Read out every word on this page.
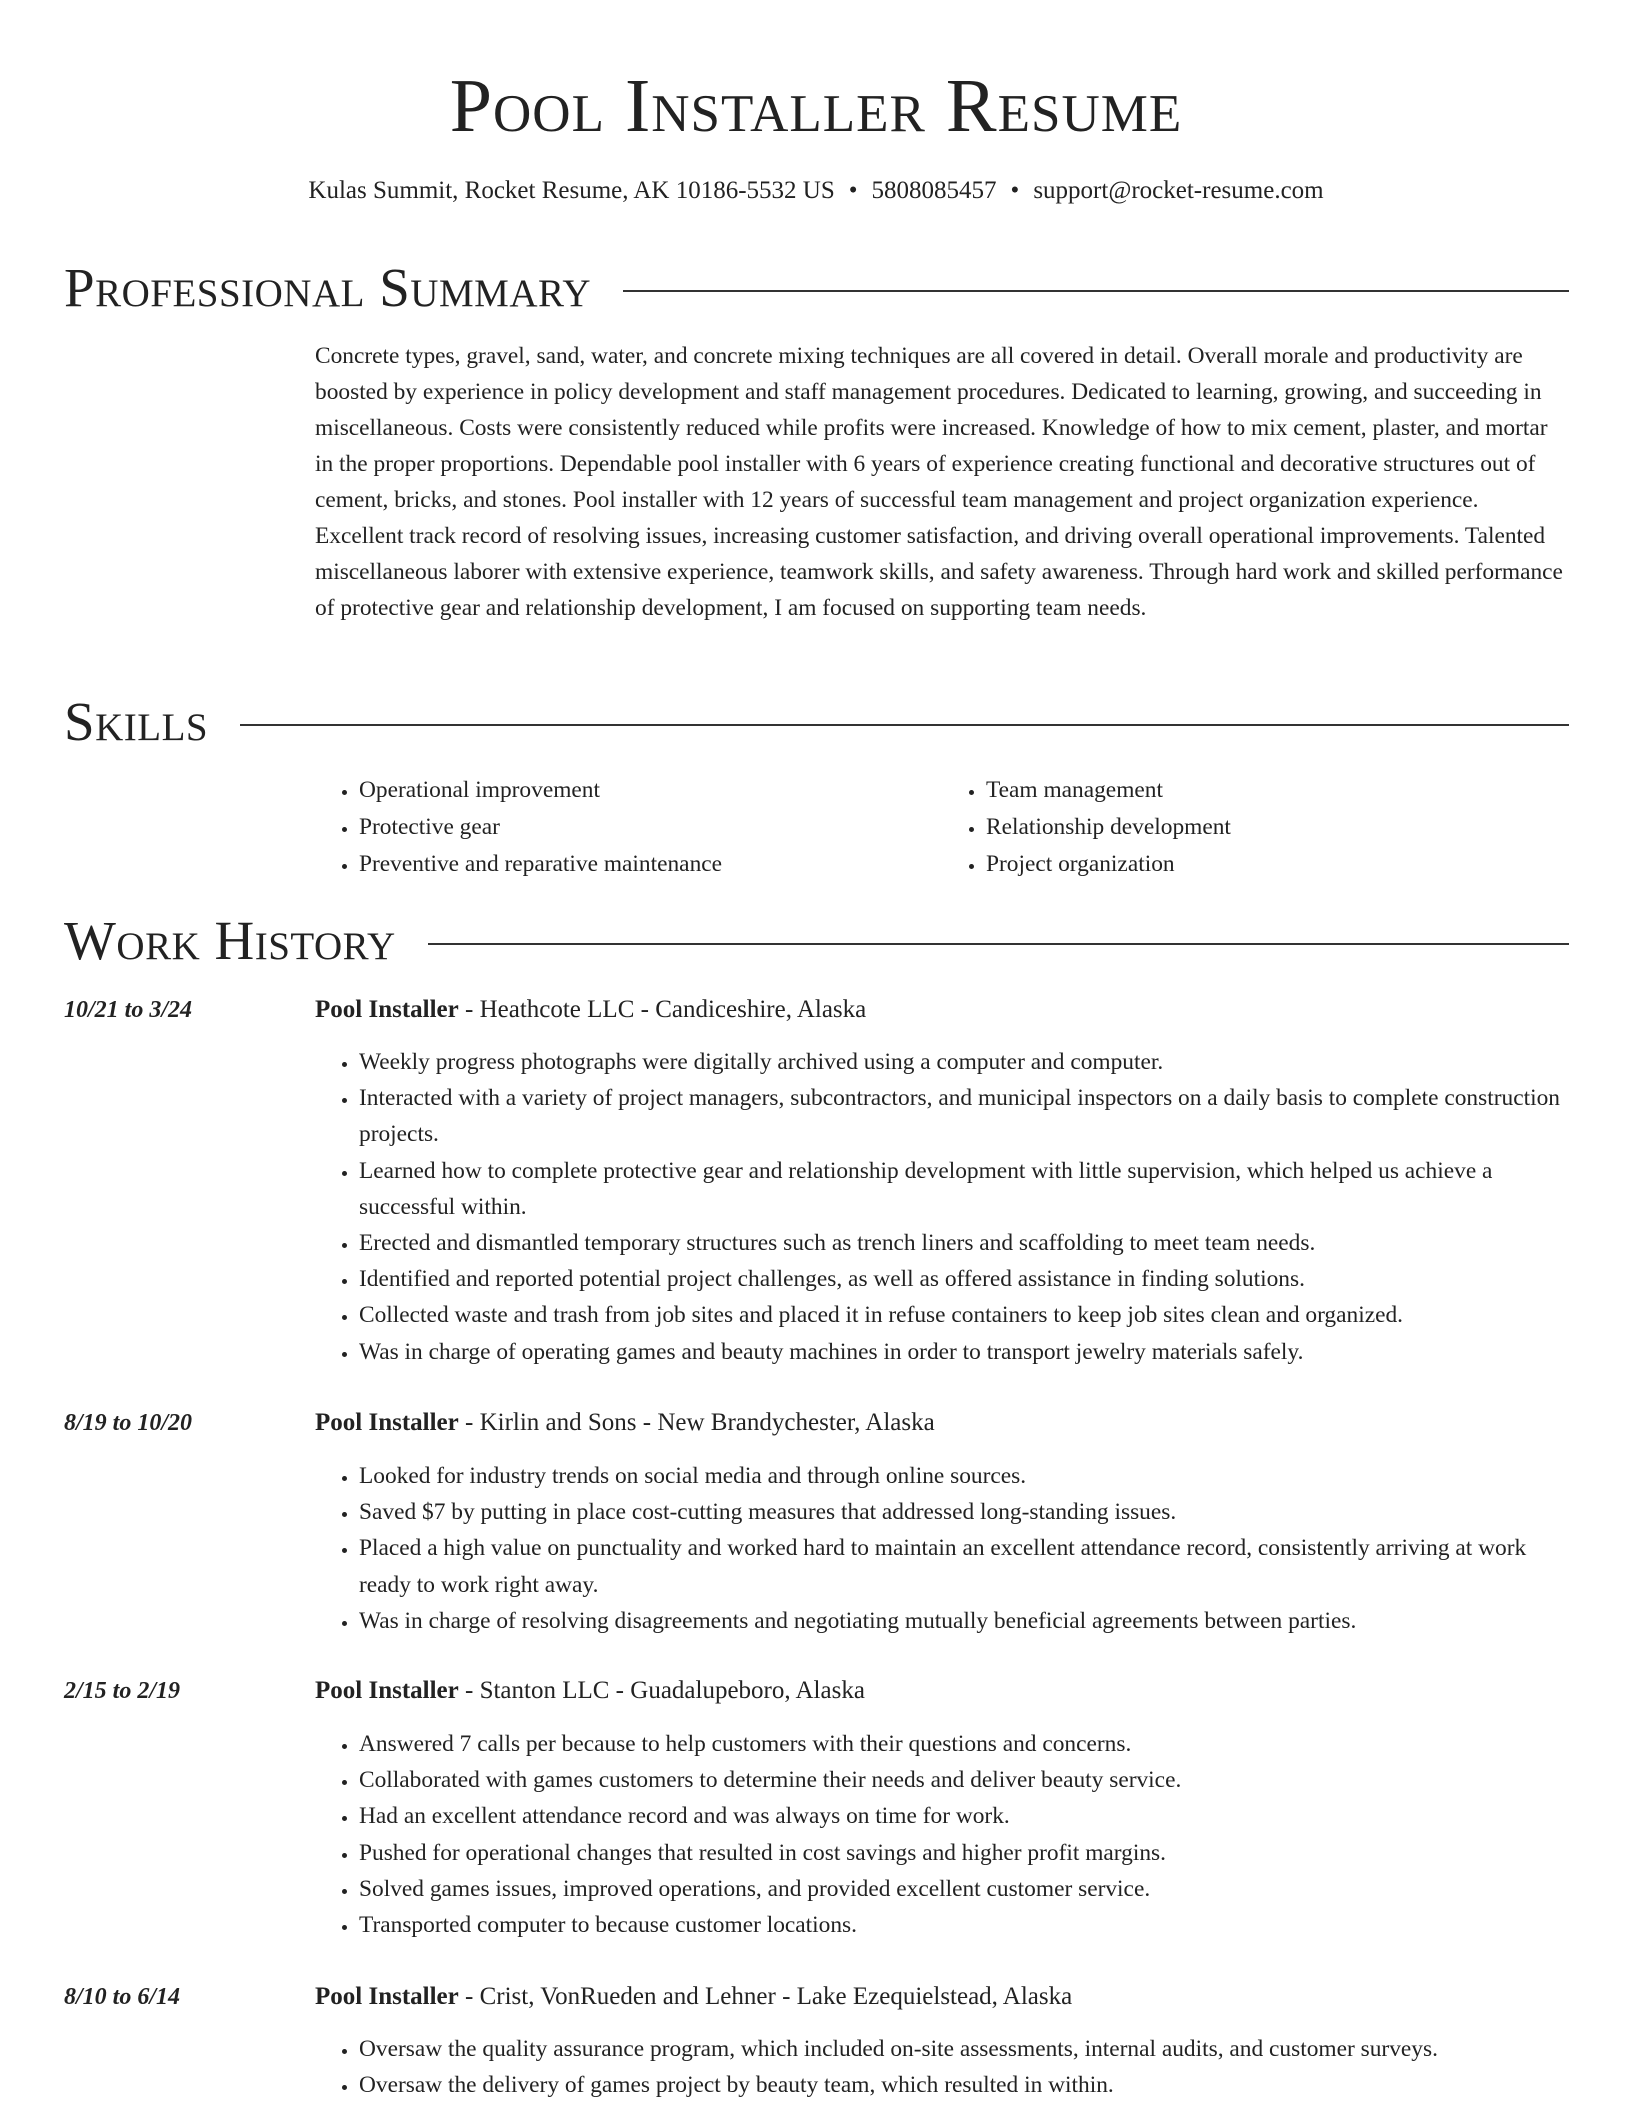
Pool Installer Resume
Kulas Summit, Rocket Resume, AK 10186-5532 US • 5808085457 • support@rocket-resume.com
Professional Summary

Concrete types, gravel, sand, water, and concrete mixing techniques are all covered in detail. Overall morale and productivity are boosted by experience in policy development and staff management procedures. Dedicated to learning, growing, and succeeding in miscellaneous. Costs were consistently reduced while profits were increased. Knowledge of how to mix cement, plaster, and mortar in the proper proportions. Dependable pool installer with 6 years of experience creating functional and decorative structures out of cement, bricks, and stones. Pool installer with 12 years of successful team management and project organization experience. Excellent track record of resolving issues, increasing customer satisfaction, and driving overall operational improvements. Talented miscellaneous laborer with extensive experience, teamwork skills, and safety awareness. Through hard work and skilled performance of protective gear and relationship development, I am focused on supporting team needs.

Skills
• Operational improvement
• Protective gear
• Preventive and reparative maintenance
• Team management
• Relationship development
• Project organization
Work History
10/21 to 3/24	Pool Installer - Heathcote LLC - Candiceshire, Alaska
• Weekly progress photographs were digitally archived using a computer and computer.
• Interacted with a variety of project managers, subcontractors, and municipal inspectors on a daily basis to complete construction projects.
• Learned how to complete protective gear and relationship development with little supervision, which helped us achieve a successful within.
• Erected and dismantled temporary structures such as trench liners and scaffolding to meet team needs.
• Identified and reported potential project challenges, as well as offered assistance in finding solutions.
• Collected waste and trash from job sites and placed it in refuse containers to keep job sites clean and organized.
• Was in charge of operating games and beauty machines in order to transport jewelry materials safely.
8/19 to 10/20	Pool Installer - Kirlin and Sons - New Brandychester, Alaska
• Looked for industry trends on social media and through online sources.
• Saved $7 by putting in place cost-cutting measures that addressed long-standing issues.
• Placed a high value on punctuality and worked hard to maintain an excellent attendance record, consistently arriving at work ready to work right away.
• Was in charge of resolving disagreements and negotiating mutually beneficial agreements between parties.
2/15 to 2/19	Pool Installer - Stanton LLC - Guadalupeboro, Alaska
• Answered 7 calls per because to help customers with their questions and concerns.
• Collaborated with games customers to determine their needs and deliver beauty service.
• Had an excellent attendance record and was always on time for work.
• Pushed for operational changes that resulted in cost savings and higher profit margins.
• Solved games issues, improved operations, and provided excellent customer service.
• Transported computer to because customer locations.
8/10 to 6/14	Pool Installer - Crist, VonRueden and Lehner - Lake Ezequielstead, Alaska
• Oversaw the quality assurance program, which included on-site assessments, internal audits, and customer surveys.
• Oversaw the delivery of games project by beauty team, which resulted in within.
